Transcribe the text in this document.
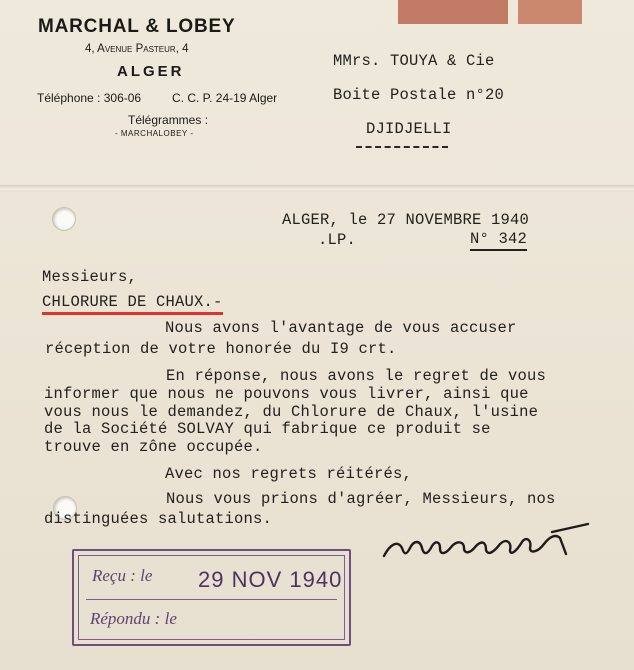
MARCHAL & LOBEY
4, Avenue Pasteur, 4
ALGER
Téléphone : 306-06	C. C. P. 24-19 Alger
Télégrammes :
- MARCHALOBEY -
MMrs. TOUYA & Cie
Boite Postale n°20
DJIDJELLI
ALGER, le 27 NOVEMBRE 1940
.LP.	N° 342
Messieurs,
CHLORURE DE CHAUX.-
Nous avons l'avantage de vous accuser
réception de votre honorée du I9 crt.
En réponse, nous avons le regret de vous
informer que nous ne pouvons vous livrer, ainsi que
vous nous le demandez, du Chlorure de Chaux, l'usine
de la Société SOLVAY qui fabrique ce produit se
trouve en zône occupée.
Avec nos regrets réitérés,
Nous vous prions d'agréer, Messieurs, nos
distinguées salutations.
Reçu : le 29 NOV 1940
Répondu : le
